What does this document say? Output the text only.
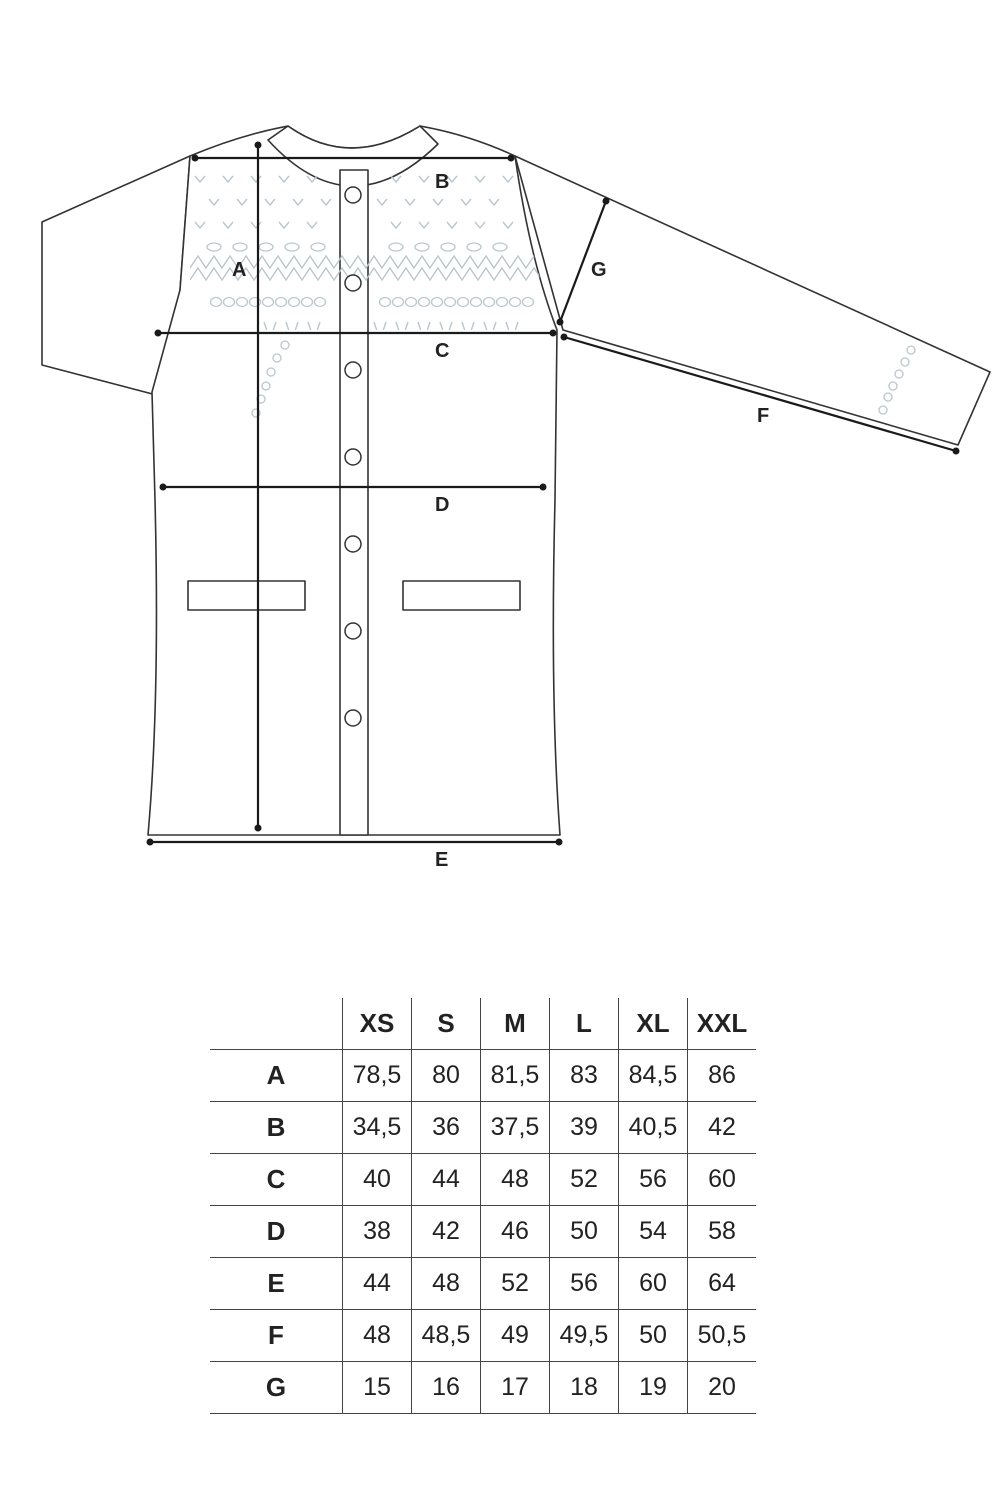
A
B
C
D
E
F
G
	XS	S	M	L	XL	XXL
A	78,5	80	81,5	83	84,5	86
B	34,5	36	37,5	39	40,5	42
C	40	44	48	52	56	60
D	38	42	46	50	54	58
E	44	48	52	56	60	64
F	48	48,5	49	49,5	50	50,5
G	15	16	17	18	19	20
